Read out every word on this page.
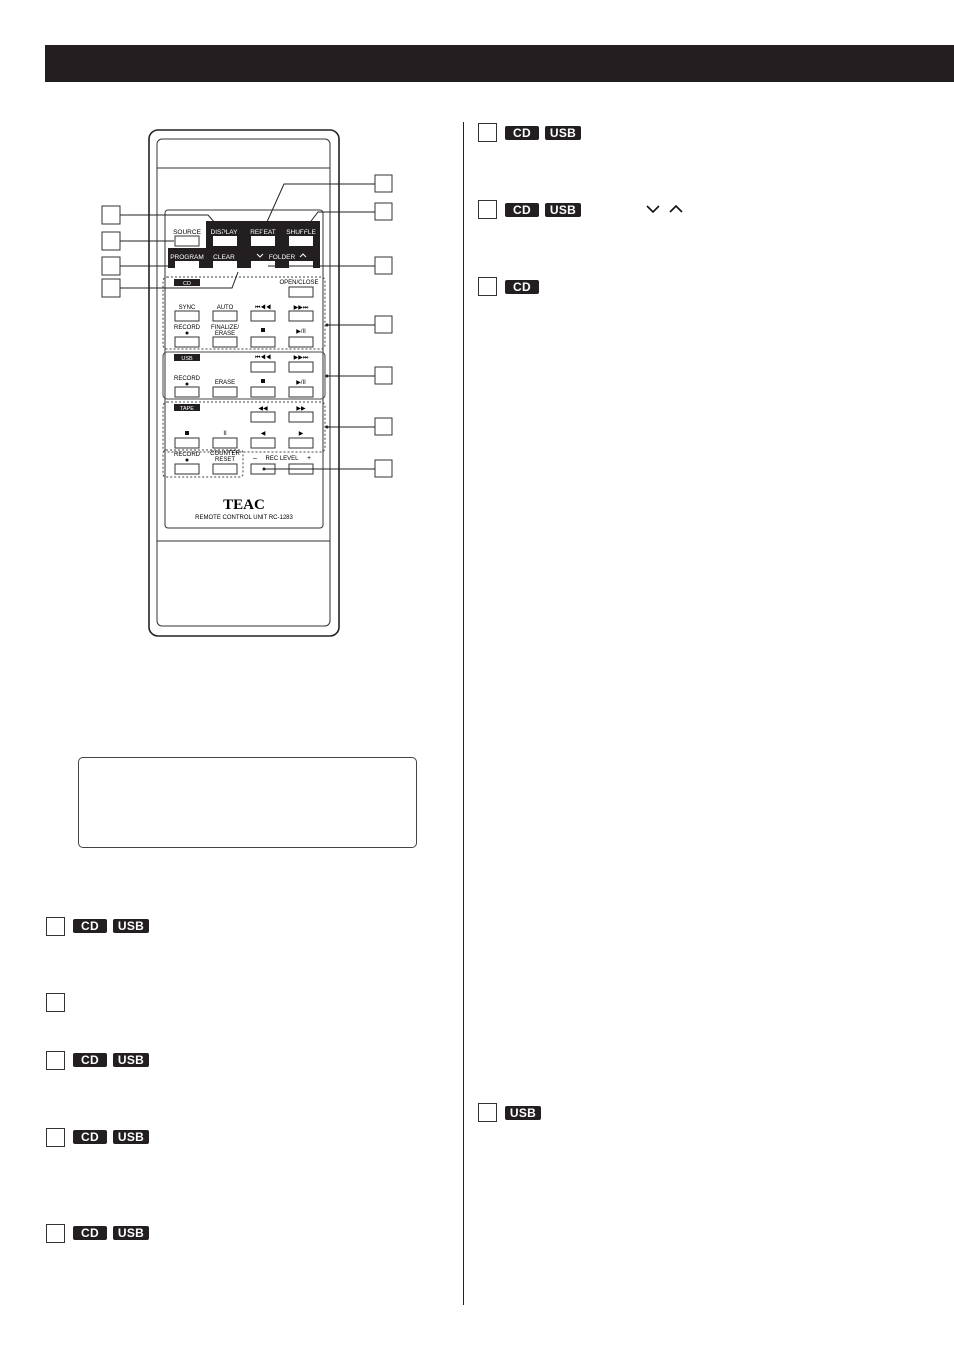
SOURCE DISPLAY REPEAT SHUFFLE
PROGRAM CLEAR	FOLDER
CD	OPEN/CLOSE
SYNC	AUTO	⏮◀◀	▶▶⏭
RECORD FINALIZE/
ERASE	▶/II
USB	⏮◀◀	▶▶⏭
RECORD
ERASE	▶/II
TAPE	◀◀	▶▶
II	◀	▶
RECORD COUNTER
RESET	– REC LEVEL +
TEAC
REMOTE CONTROL UNIT RC-1283
CD	USB
CD	USB
CD	USB
CD	USB
CD	USB
CD	USB
CD
USB
